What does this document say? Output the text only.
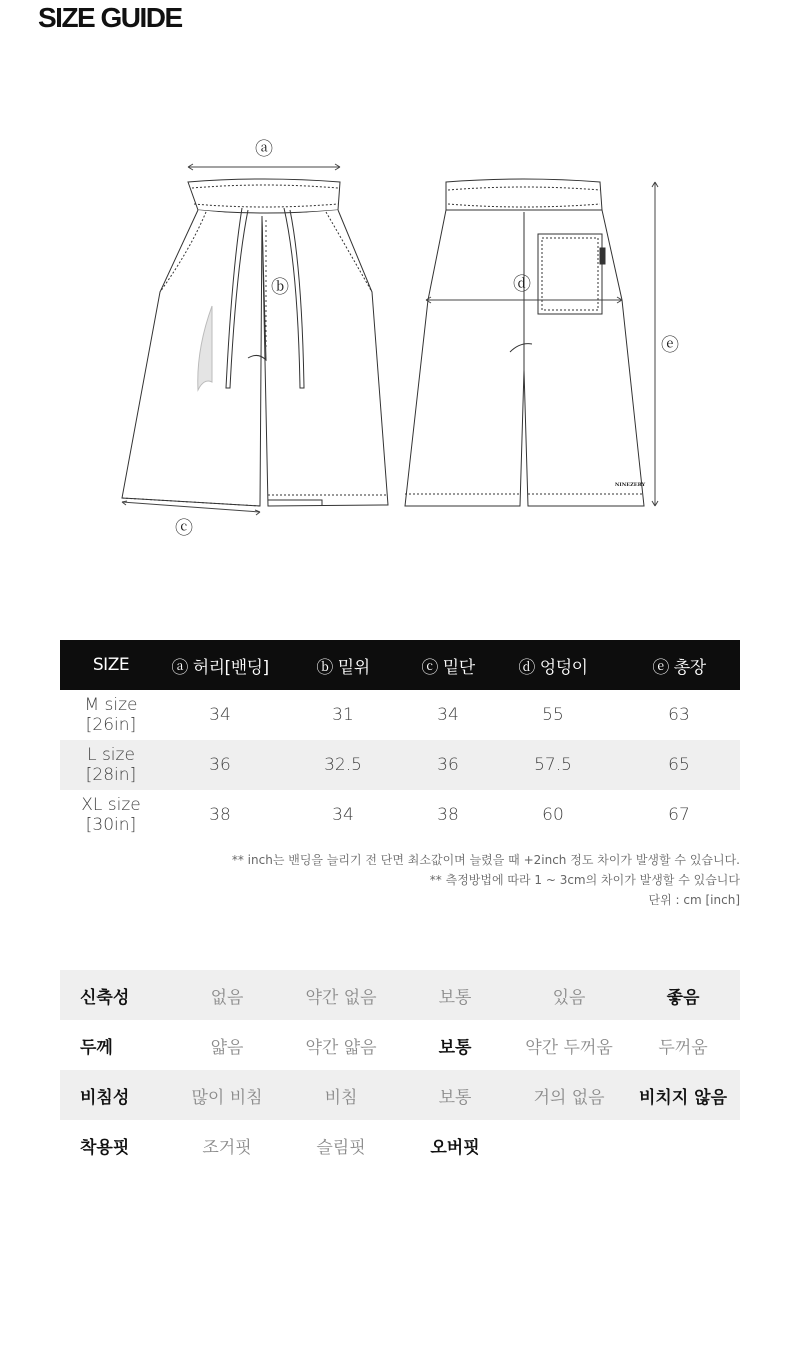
SIZE GUIDE
ⓐ
ⓑ
ⓒ
ⓓ
ⓔ
NINEZERY
SIZE	ⓐ 허리[밴딩]	ⓑ 밑위	ⓒ 밑단	ⓓ 엉덩이	ⓔ 총장
M size [26in]	34	31	34	55	63
L size [28in]	36	32.5	36	57.5	65
XL size [30in]	38	34	38	60	67
** inch는 밴딩을 늘리기 전 단면 최소값이며 늘렸을 때 +2inch 정도 차이가 발생할 수 있습니다.
** 측정방법에 따라 1 ~ 3cm의 차이가 발생할 수 있습니다
단위 : cm [inch]
신축성	없음	약간 없음	보통	있음	좋음
두께	얇음	약간 얇음	보통	약간 두꺼움	두꺼움
비침성	많이 비침	비침	보통	거의 없음	비치지 않음
착용핏	조거핏	슬림핏	오버핏		
